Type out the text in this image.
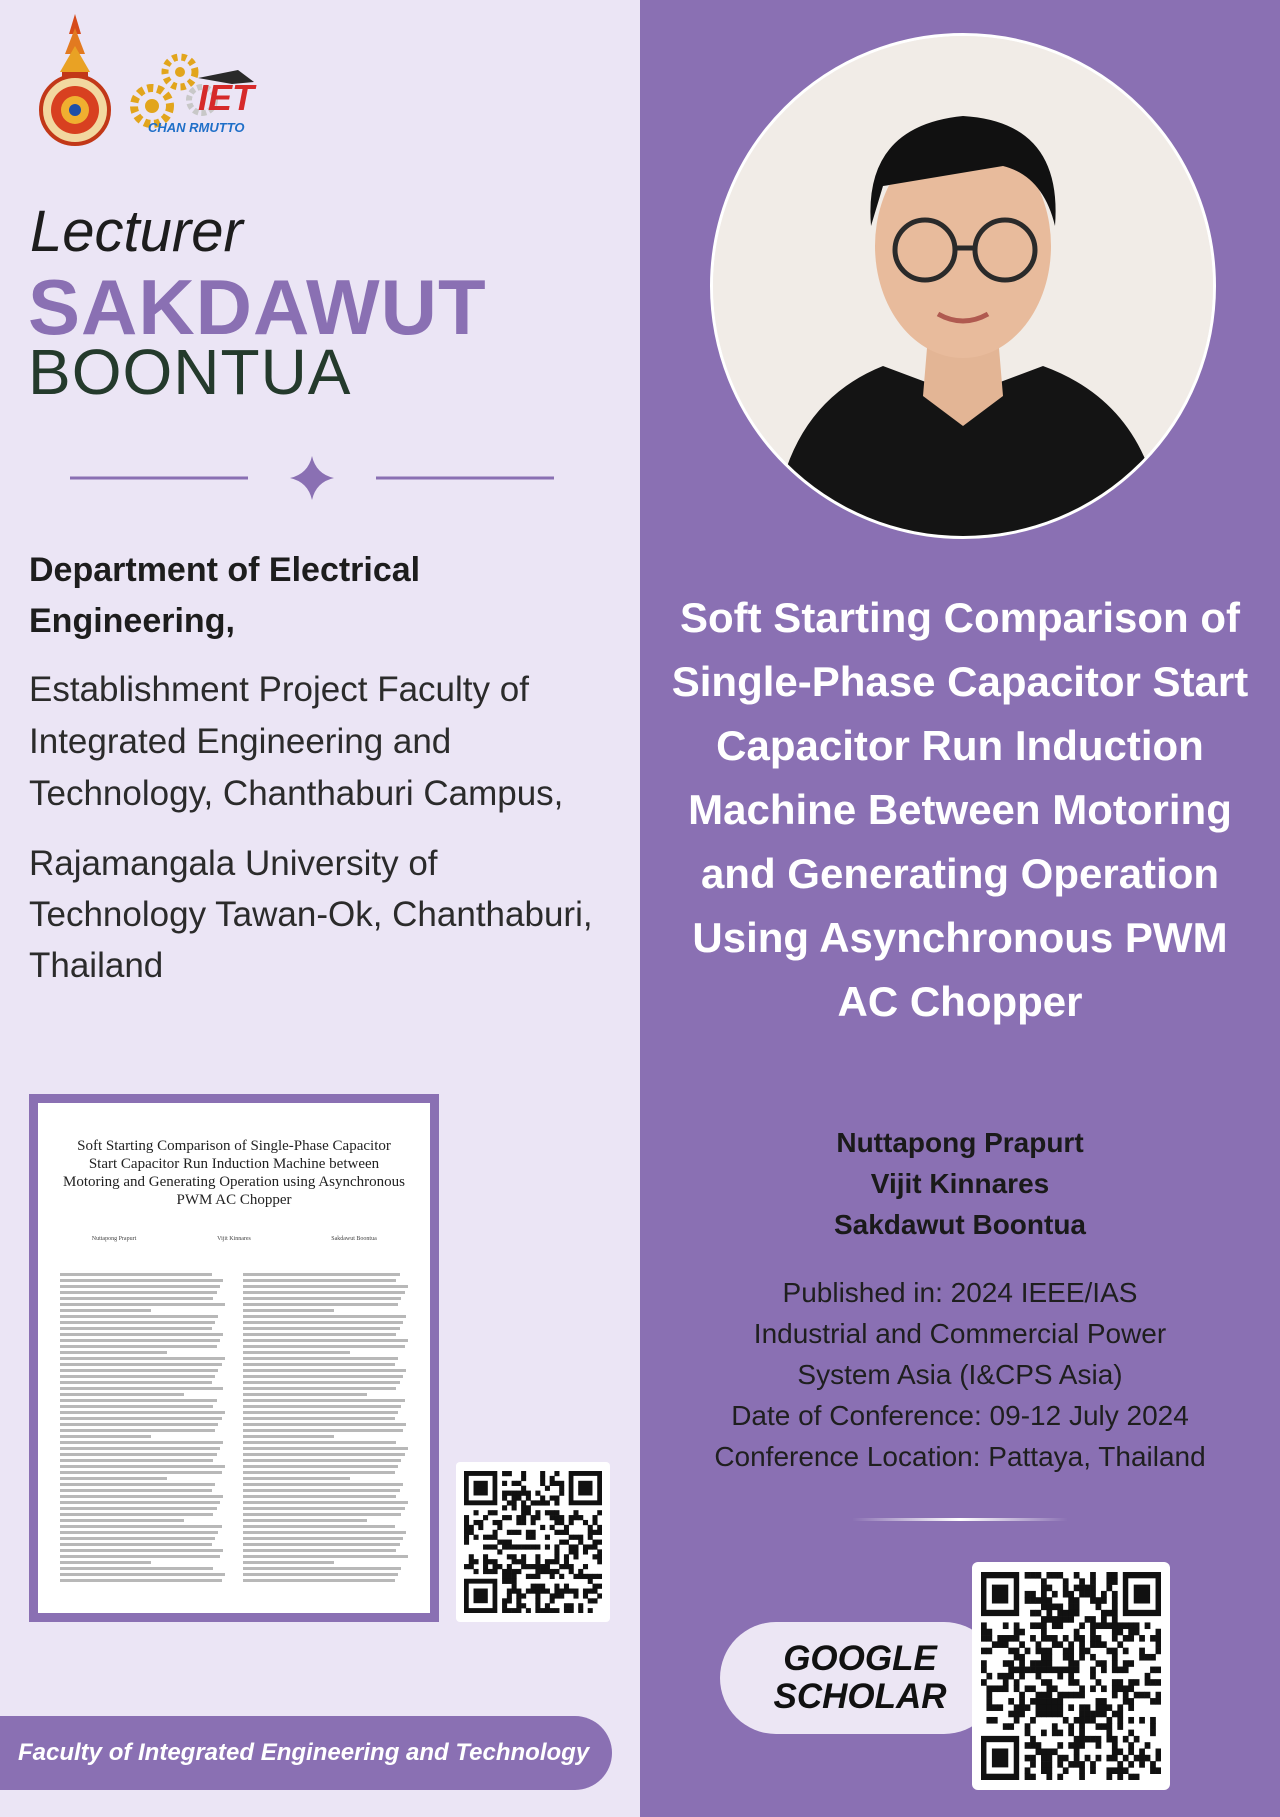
IET
CHAN RMUTTO
Lecturer
SAKDAWUT
BOONTUA
Department of Electrical Engineering,
Establishment Project Faculty of Integrated Engineering and Technology, Chanthaburi Campus,
Rajamangala University of Technology Tawan-Ok, Chanthaburi, Thailand
Soft Starting Comparison of Single-Phase Capacitor Start Capacitor Run Induction Machine between Motoring and Generating Operation using Asynchronous PWM AC Chopper
Nuttapong Prapurt	Vijit Kinnares	Sakdawut Boontua
Faculty of Integrated Engineering and Technology
Soft Starting Comparison of Single-Phase Capacitor Start Capacitor Run Induction Machine Between Motoring and Generating Operation Using Asynchronous PWM AC Chopper
Nuttapong Prapurt
Vijit Kinnares
Sakdawut Boontua
Published in: 2024 IEEE/IAS
Industrial and Commercial Power
System Asia (I&CPS Asia)
Date of Conference: 09-12 July 2024
Conference Location: Pattaya, Thailand
GOOGLE
SCHOLAR
